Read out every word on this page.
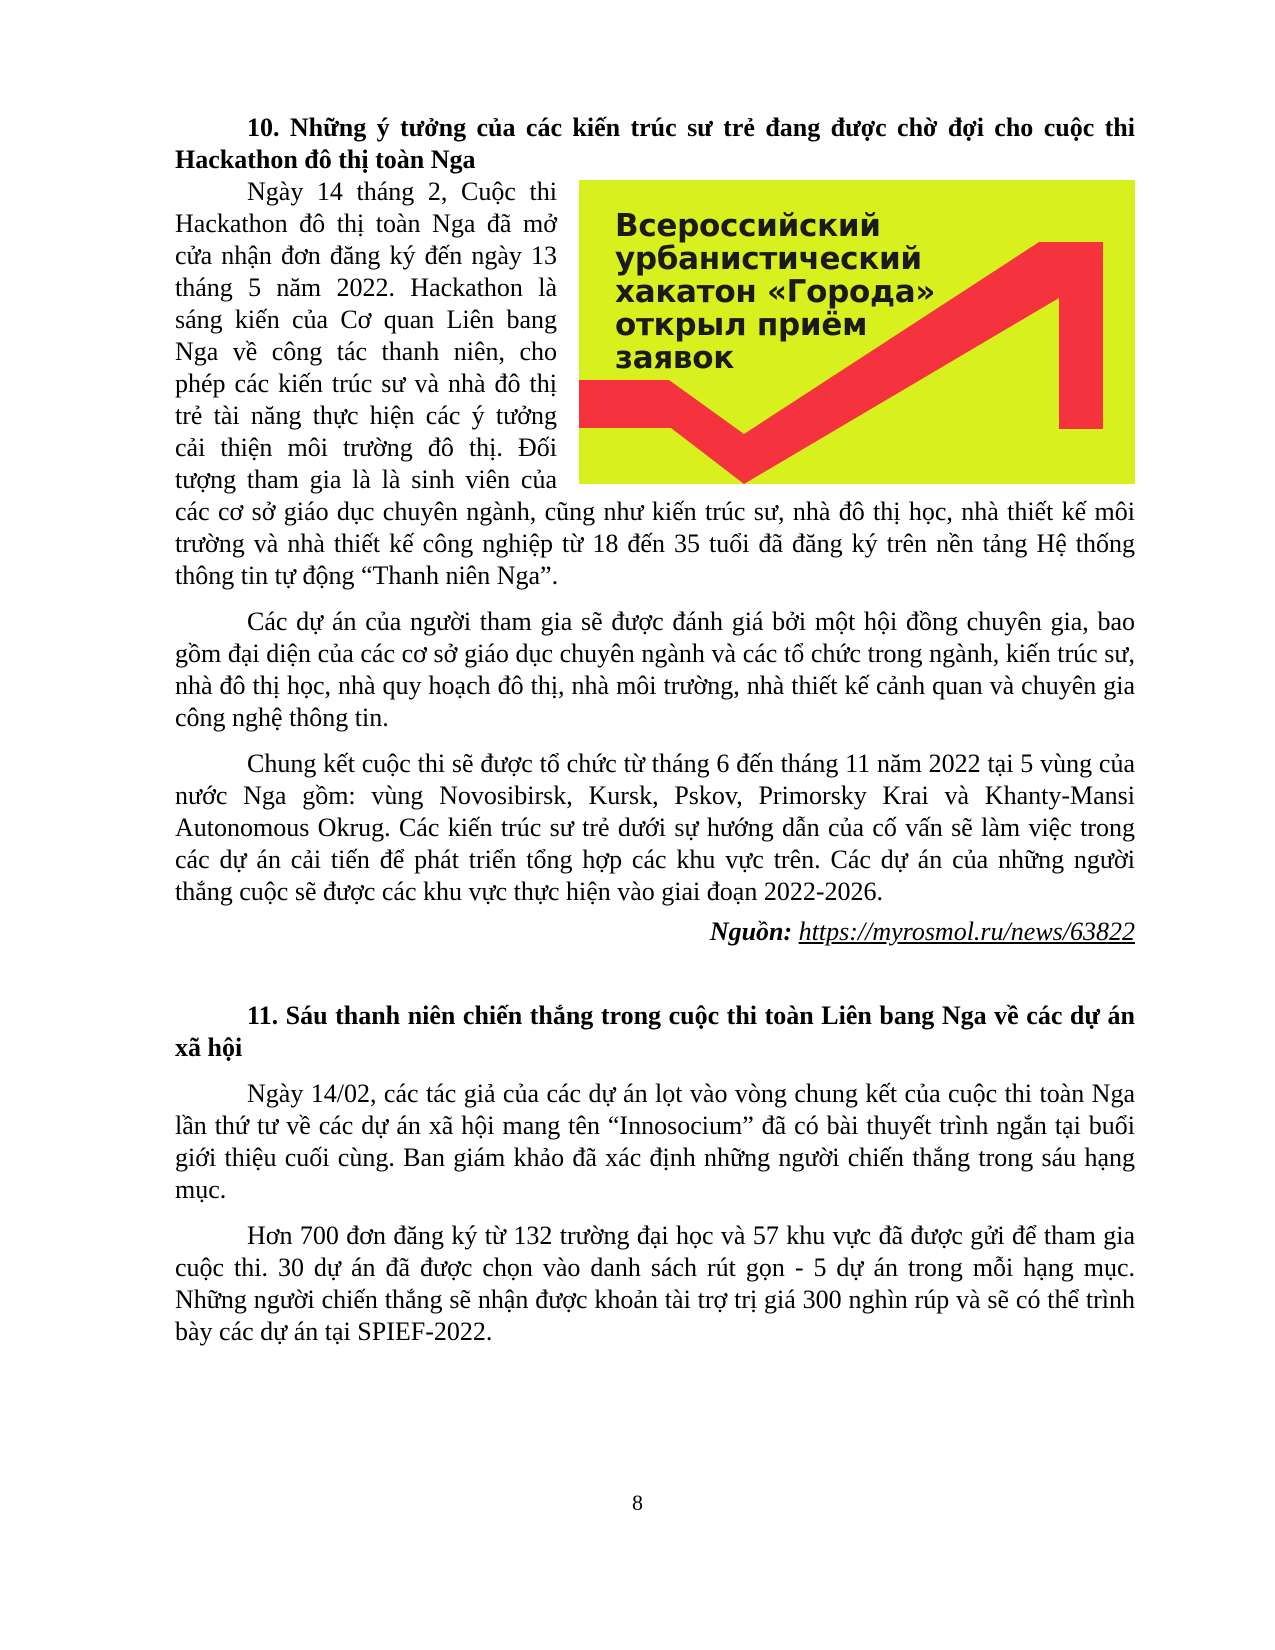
10. Những ý tưởng của các kiến trúc sư trẻ đang được chờ đợi cho cuộc thi Hackathon đô thị toàn Nga

Всероссийский
урбанистический
хакатон «Города»
открыл приём
заявок

Ngày 14 tháng 2, Cuộc thi Hackathon đô thị toàn Nga đã mở cửa nhận đơn đăng ký đến ngày 13 tháng 5 năm 2022. Hackathon là sáng kiến của Cơ quan Liên bang Nga về công tác thanh niên, cho phép các kiến trúc sư và nhà đô thị trẻ tài năng thực hiện các ý tưởng cải thiện môi trường đô thị. Đối tượng tham gia là là sinh viên của các cơ sở giáo dục chuyên ngành, cũng như kiến trúc sư, nhà đô thị học, nhà thiết kế môi trường và nhà thiết kế công nghiệp từ 18 đến 35 tuổi đã đăng ký trên nền tảng Hệ thống thông tin tự động “Thanh niên Nga”.

Các dự án của người tham gia sẽ được đánh giá bởi một hội đồng chuyên gia, bao gồm đại diện của các cơ sở giáo dục chuyên ngành và các tổ chức trong ngành, kiến trúc sư, nhà đô thị học, nhà quy hoạch đô thị, nhà môi trường, nhà thiết kế cảnh quan và chuyên gia công nghệ thông tin.

Chung kết cuộc thi sẽ được tổ chức từ tháng 6 đến tháng 11 năm 2022 tại 5 vùng của nước Nga gồm: vùng Novosibirsk, Kursk, Pskov, Primorsky Krai và Khanty-Mansi Autonomous Okrug. Các kiến trúc sư trẻ dưới sự hướng dẫn của cố vấn sẽ làm việc trong các dự án cải tiến để phát triển tổng hợp các khu vực trên. Các dự án của những người thắng cuộc sẽ được các khu vực thực hiện vào giai đoạn 2022-2026.

Nguồn: https://myrosmol.ru/news/63822

11. Sáu thanh niên chiến thắng trong cuộc thi toàn Liên bang Nga về các dự án xã hội

Ngày 14/02, các tác giả của các dự án lọt vào vòng chung kết của cuộc thi toàn Nga lần thứ tư về các dự án xã hội mang tên “Innosocium” đã có bài thuyết trình ngắn tại buổi giới thiệu cuối cùng. Ban giám khảo đã xác định những người chiến thắng trong sáu hạng mục.

Hơn 700 đơn đăng ký từ 132 trường đại học và 57 khu vực đã được gửi để tham gia cuộc thi. 30 dự án đã được chọn vào danh sách rút gọn - 5 dự án trong mỗi hạng mục. Những người chiến thắng sẽ nhận được khoản tài trợ trị giá 300 nghìn rúp và sẽ có thể trình bày các dự án tại SPIEF-2022.

8
